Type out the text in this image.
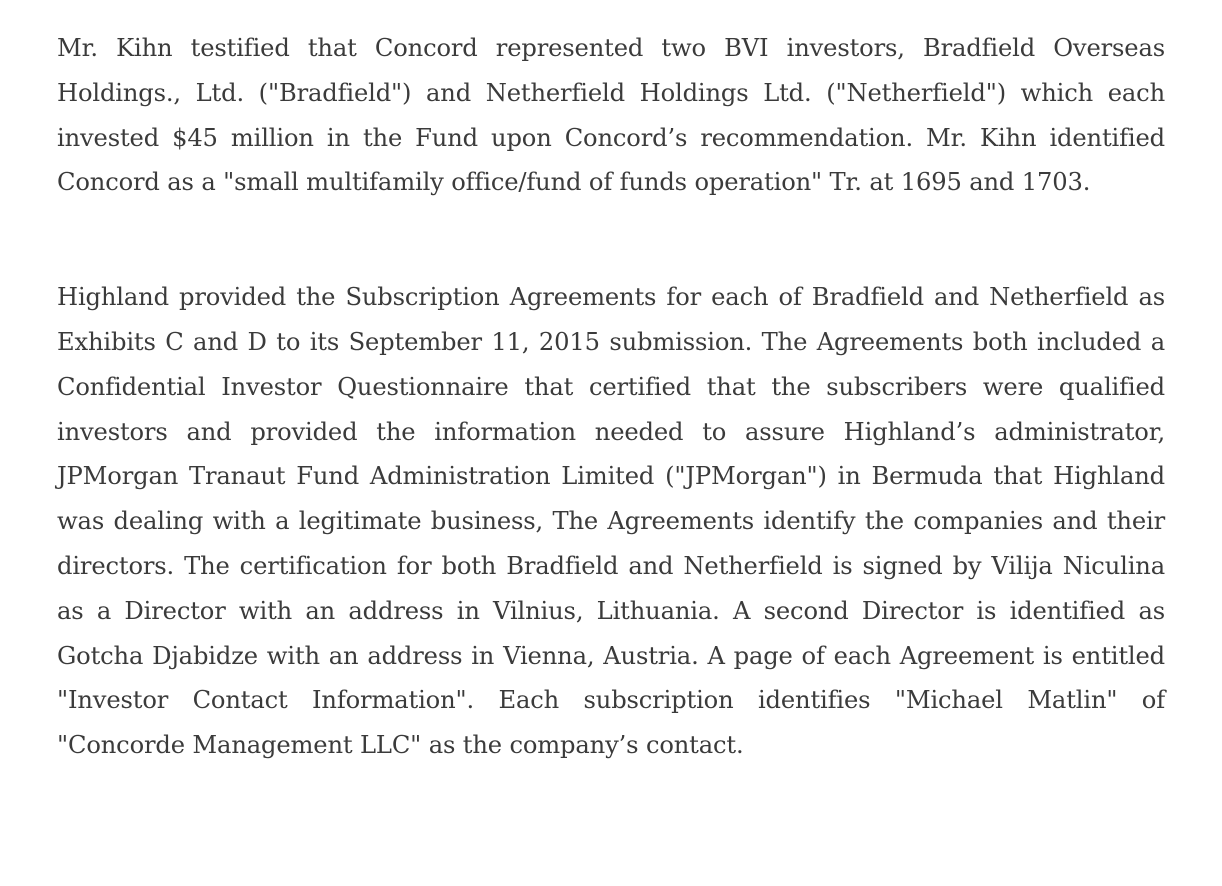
Mr. Kihn testified that Concord represented two BVI investors, Bradfield Overseas Holdings., Ltd. ("Bradfield") and Netherfield Holdings Ltd. ("Netherfield") which each invested $45 million in the Fund upon Concord’s recommendation. Mr. Kihn identified Concord as a "small multifamily office/fund of funds operation" Tr. at 1695 and 1703.

Highland provided the Subscription Agreements for each of Bradfield and Netherfield as Exhibits C and D to its September 11, 2015 submission. The Agreements both included a Confidential Investor Questionnaire that certified that the subscribers were qualified investors and provided the information needed to assure Highland’s administrator, JPMorgan Tranaut Fund Administration Limited ("JPMorgan") in Bermuda that Highland was dealing with a legitimate business, The Agreements identify the companies and their directors. The certification for both Bradfield and Netherfield is signed by Vilija Niculina as a Director with an address in Vilnius, Lithuania. A second Director is identified as Gotcha Djabidze with an address in Vienna, Austria. A page of each Agreement is entitled "Investor Contact Information". Each subscription identifies "Michael Matlin" of "Concorde Management LLC" as the company’s contact.
